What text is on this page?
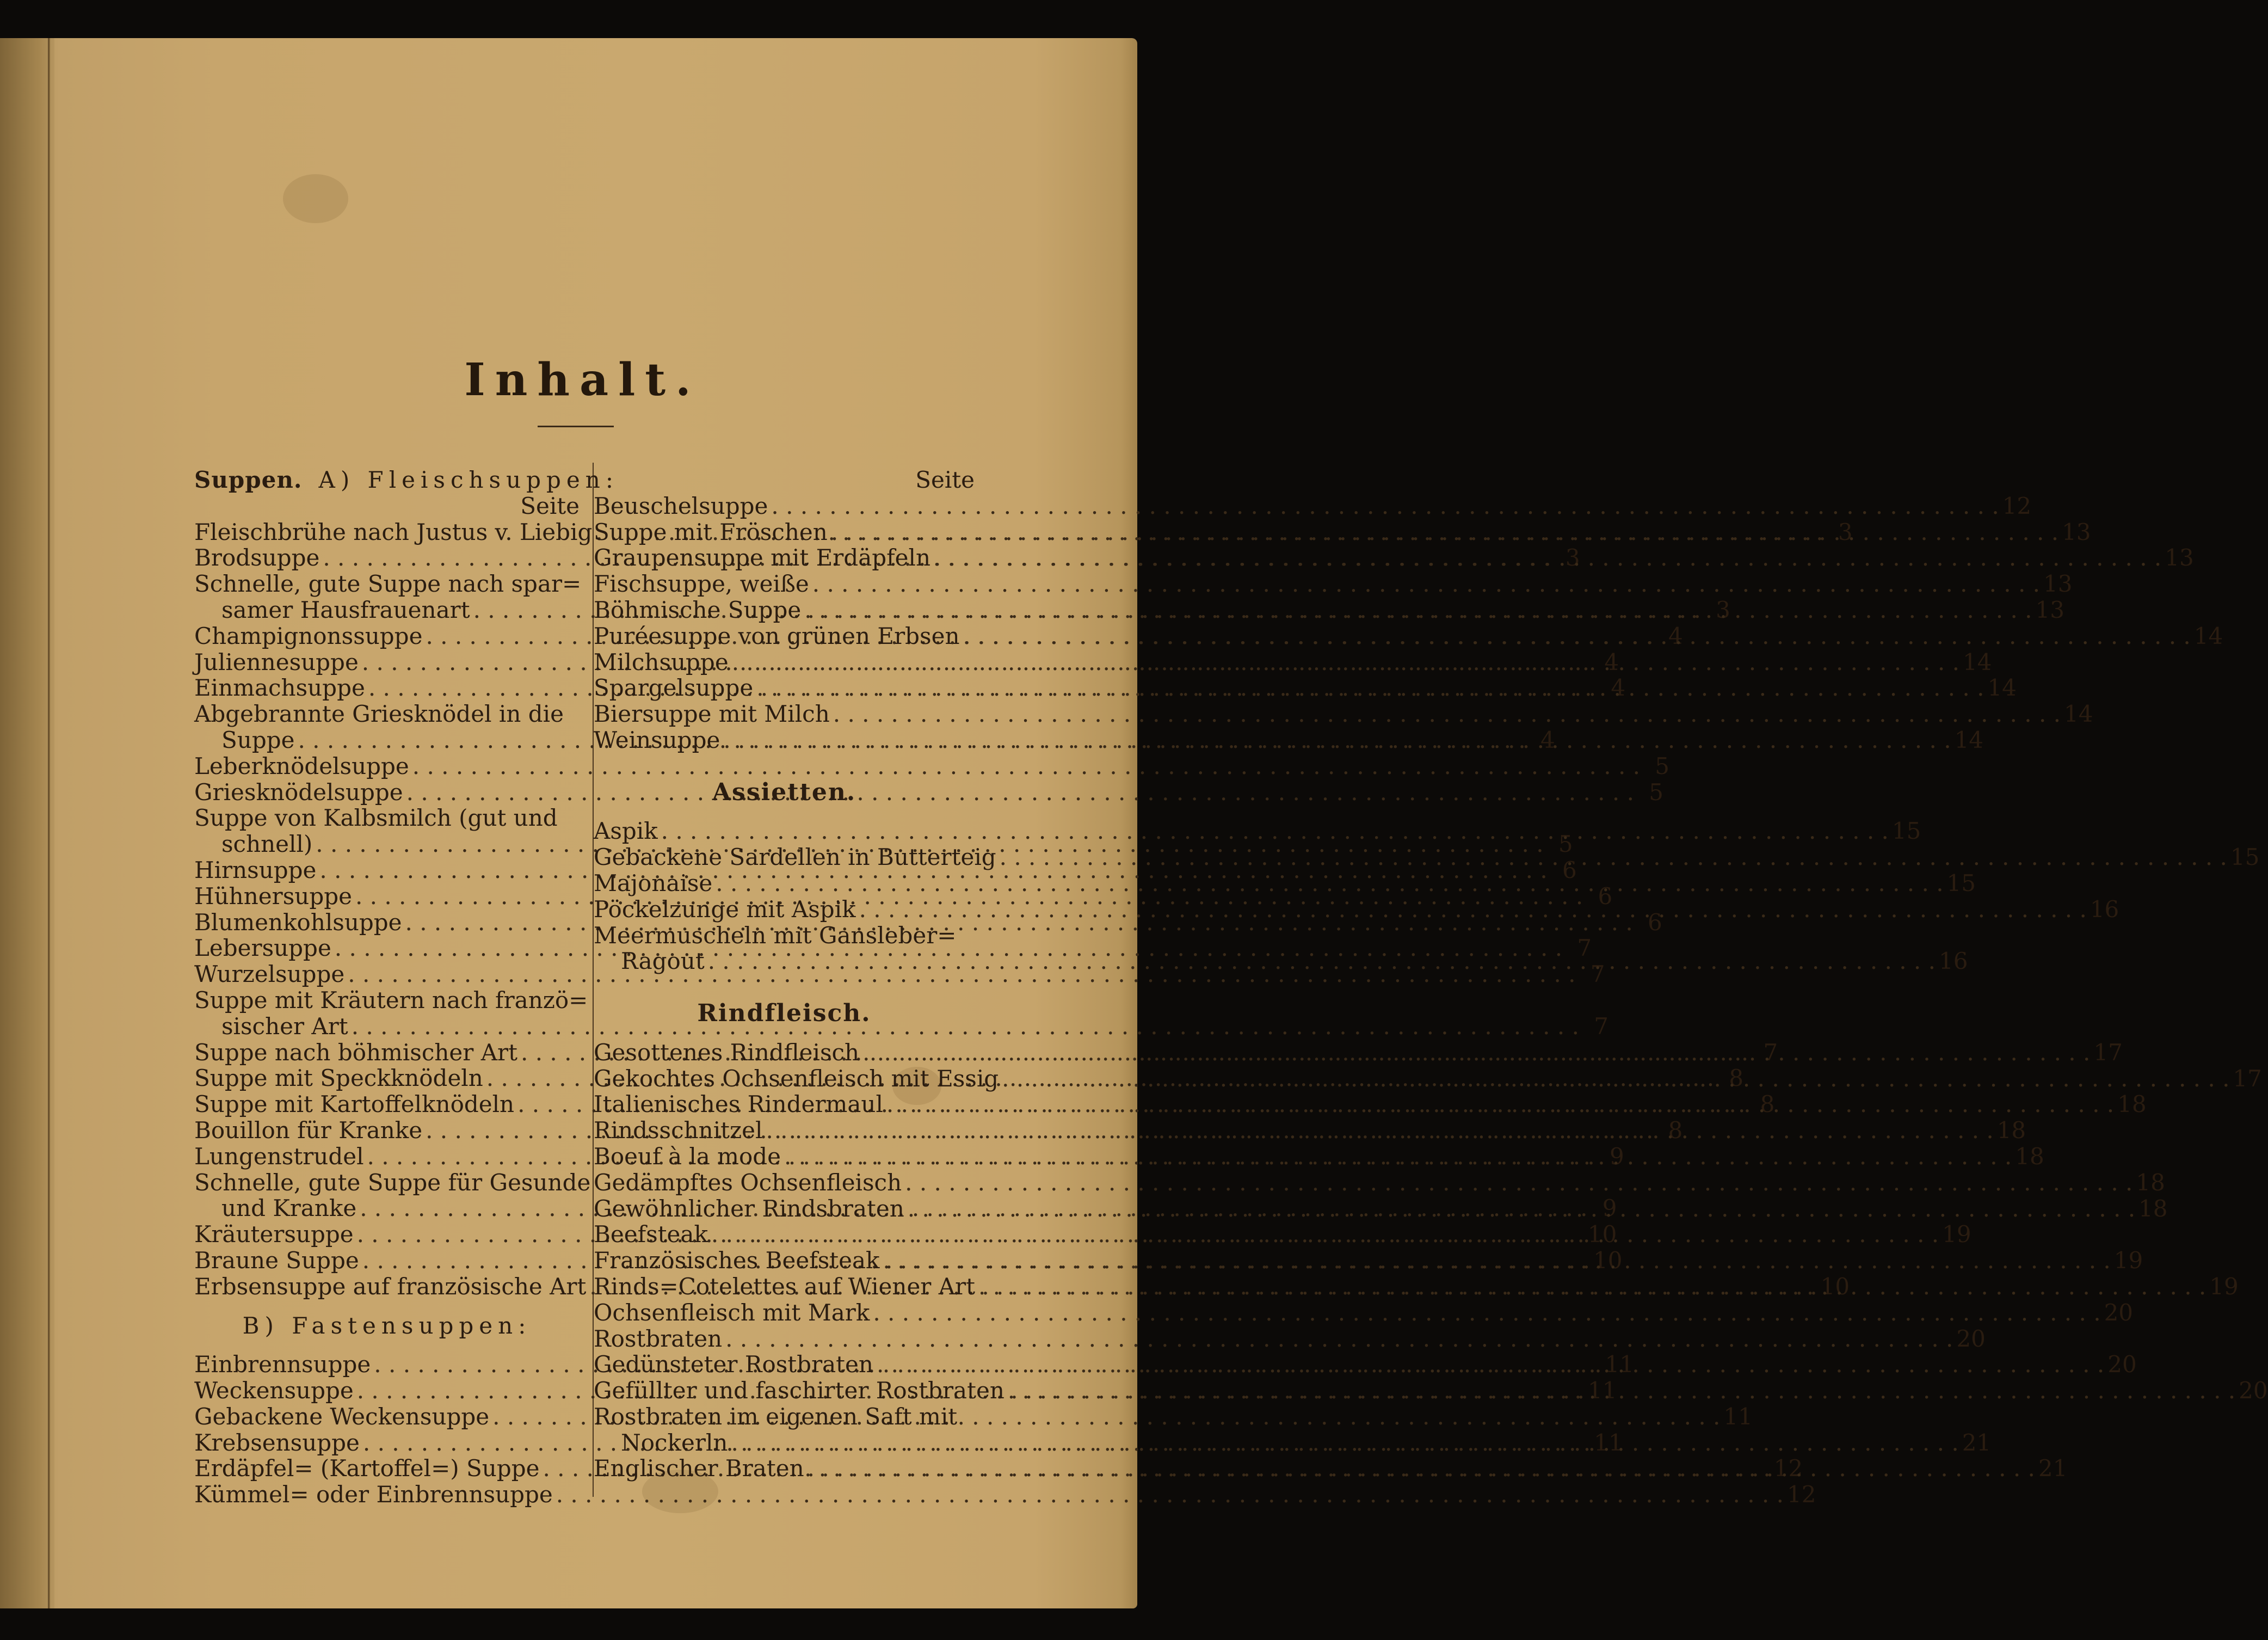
Inhalt.
Suppen. A) Fleischsuppen:
Seite
Fleischbrühe nach Justus v. Liebig . . .	3
Brodsuppe . . .	3
Schnelle, gute Suppe nach spar=
samer Hausfrauenart . . .	3
Champignonssuppe . . .	4
Juliennesuppe . . .	4
Einmachsuppe . . .	4
Abgebrannte Griesknödel in die
Suppe . . .	4
Leberknödelsuppe . . .	5
Griesknödelsuppe . . .	5
Suppe von Kalbsmilch (gut und
schnell) . . .	5
Hirnsuppe . . .	6
Hühnersuppe . . .	6
Blumenkohlsuppe . . .	6
Lebersuppe . . .	7
Wurzelsuppe . . .	7
Suppe mit Kräutern nach franzö=
sischer Art . . .	7
Suppe nach böhmischer Art . . .	7
Suppe mit Speckknödeln . . .	8
Suppe mit Kartoffelknödeln . . .	8
Bouillon für Kranke . . .	8
Lungenstrudel . . .	9
Schnelle, gute Suppe für Gesunde
und Kranke . . .	9
Kräutersuppe . . .	10
Braune Suppe . . .	10
Erbsensuppe auf französische Art . . .	10
B) Fastensuppen:
Einbrennsuppe . . .	11
Weckensuppe . . .	11
Gebackene Weckensuppe . . .	11
Krebsensuppe . . .	11
Erdäpfel= (Kartoffel=) Suppe . . .	12
Kümmel= oder Einbrennsuppe . . .	12
Seite
Beuschelsuppe . . .	12
Suppe mit Fröschen . . .	13
Graupensuppe mit Erdäpfeln . . .	13
Fischsuppe, weiße . . .	13
Böhmische Suppe . . .	13
Puréesuppe von grünen Erbsen . . .	14
Milchsuppe . . .	14
Spargelsuppe . . .	14
Biersuppe mit Milch . . .	14
Weinsuppe . . .	14
Assietten.
Aspik . . .	15
Gebackene Sardellen in Butterteig . . .	15
Majonaise . . .	15
Pöckelzunge mit Aspik . . .	16
Meermuscheln mit Gansleber=
Ragout . . .	16
Rindfleisch.
Gesottenes Rindfleisch . . .	17
Gekochtes Ochsenfleisch mit Essig . . .	17
Italienisches Rindermaul . . .	18
Rindsschnitzel . . .	18
Boeuf à la mode . . .	18
Gedämpftes Ochsenfleisch . . .	18
Gewöhnlicher Rindsbraten . . .	18
Beefsteak . . .	19
Französisches Beefsteak . . .	19
Rinds=Cotelettes auf Wiener Art . . .	19
Ochsenfleisch mit Mark . . .	20
Rostbraten . . .	20
Gedünsteter Rostbraten . . .	20
Gefüllter und faschirter Rostbraten . . .	20
Rostbraten im eigenen Saft mit
Nockerln . . .	21
Englischer Braten . . .	21
